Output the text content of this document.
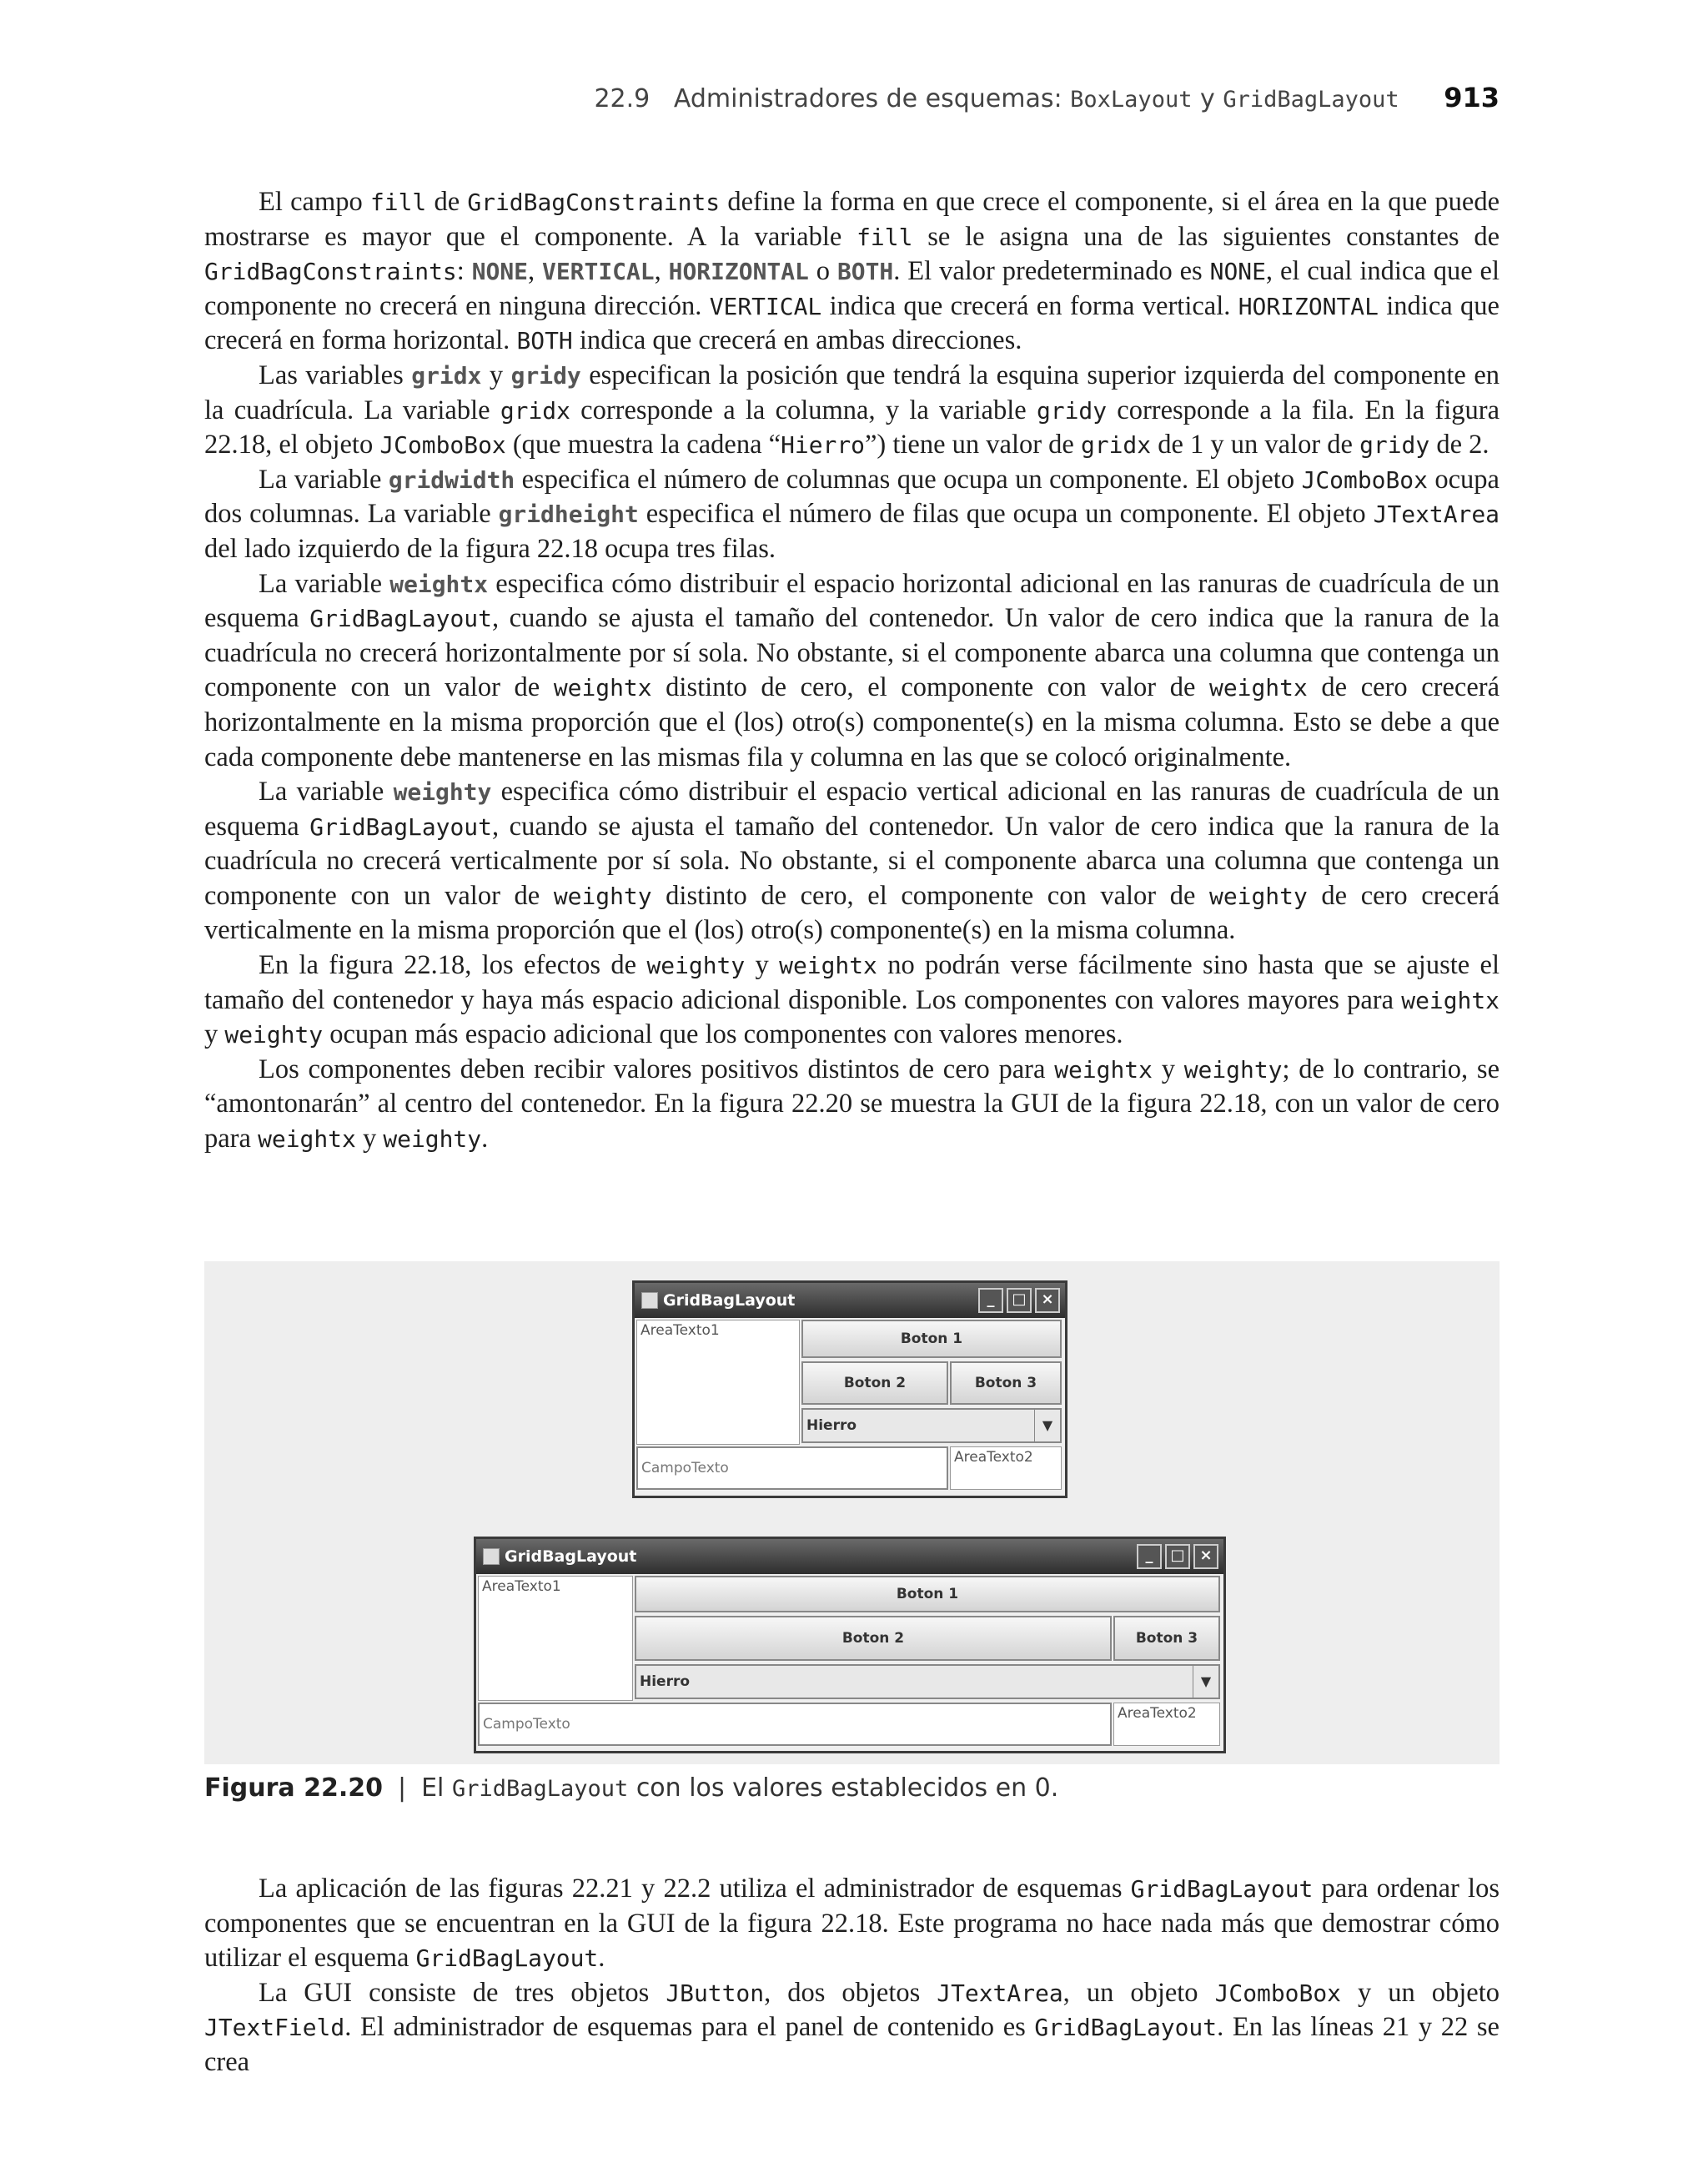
22.9 Administradores de esquemas: BoxLayout y GridBagLayout 913

El campo fill de GridBagConstraints define la forma en que crece el componente, si el área en la que puede mostrarse es mayor que el componente. A la variable fill se le asigna una de las siguientes constantes de GridBagConstraints: NONE, VERTICAL, HORIZONTAL o BOTH. El valor predeterminado es NONE, el cual indica que el componente no crecerá en ninguna dirección. VERTICAL indica que crecerá en forma vertical. HORIZONTAL indica que crecerá en forma horizontal. BOTH indica que crecerá en ambas direcciones.

Las variables gridx y gridy especifican la posición que tendrá la esquina superior izquierda del componente en la cuadrícula. La variable gridx corresponde a la columna, y la variable gridy corresponde a la fila. En la figura 22.18, el objeto JComboBox (que muestra la cadena “Hierro”) tiene un valor de gridx de 1 y un valor de gridy de 2.

La variable gridwidth especifica el número de columnas que ocupa un componente. El objeto JComboBox ocupa dos columnas. La variable gridheight especifica el número de filas que ocupa un componente. El objeto JTextArea del lado izquierdo de la figura 22.18 ocupa tres filas.

La variable weightx especifica cómo distribuir el espacio horizontal adicional en las ranuras de cuadrícula de un esquema GridBagLayout, cuando se ajusta el tamaño del contenedor. Un valor de cero indica que la ranura de la cuadrícula no crecerá horizontalmente por sí sola. No obstante, si el componente abarca una columna que contenga un componente con un valor de weightx distinto de cero, el componente con valor de weightx de cero crecerá horizontalmente en la misma proporción que el (los) otro(s) componente(s) en la misma columna. Esto se debe a que cada componente debe mantenerse en las mismas fila y columna en las que se colocó originalmente.

La variable weighty especifica cómo distribuir el espacio vertical adicional en las ranuras de cuadrícula de un esquema GridBagLayout, cuando se ajusta el tamaño del contenedor. Un valor de cero indica que la ranura de la cuadrícula no crecerá verticalmente por sí sola. No obstante, si el componente abarca una columna que contenga un componente con un valor de weighty distinto de cero, el componente con valor de weighty de cero crecerá verticalmente en la misma proporción que el (los) otro(s) componente(s) en la misma columna.

En la figura 22.18, los efectos de weighty y weightx no podrán verse fácilmente sino hasta que se ajuste el tamaño del contenedor y haya más espacio adicional disponible. Los componentes con valores mayores para weightx y weighty ocupan más espacio adicional que los componentes con valores menores.

Los componentes deben recibir valores positivos distintos de cero para weightx y weighty; de lo contrario, se “amontonarán” al centro del contenedor. En la figura 22.20 se muestra la GUI de la figura 22.18, con un valor de cero para weightx y weighty.

GridBagLayout	_	□ ×
AreaTexto1	Boton 1
Boton 2	Boton 3
Hierro	▼
CampoTexto
AreaTexto2
GridBagLayout	_	□ ×
AreaTexto1	Boton 1
Boton 2	Boton 3
Hierro	▼
CampoTexto
AreaTexto2
Figura 22.20 | El GridBagLayout con los valores establecidos en 0.

La aplicación de las figuras 22.21 y 22.2 utiliza el administrador de esquemas GridBagLayout para ordenar los componentes que se encuentran en la GUI de la figura 22.18. Este programa no hace nada más que demostrar cómo utilizar el esquema GridBagLayout.

La GUI consiste de tres objetos JButton, dos objetos JTextArea, un objeto JComboBox y un objeto JTextField. El administrador de esquemas para el panel de contenido es GridBagLayout. En las líneas 21 y 22 se crea
